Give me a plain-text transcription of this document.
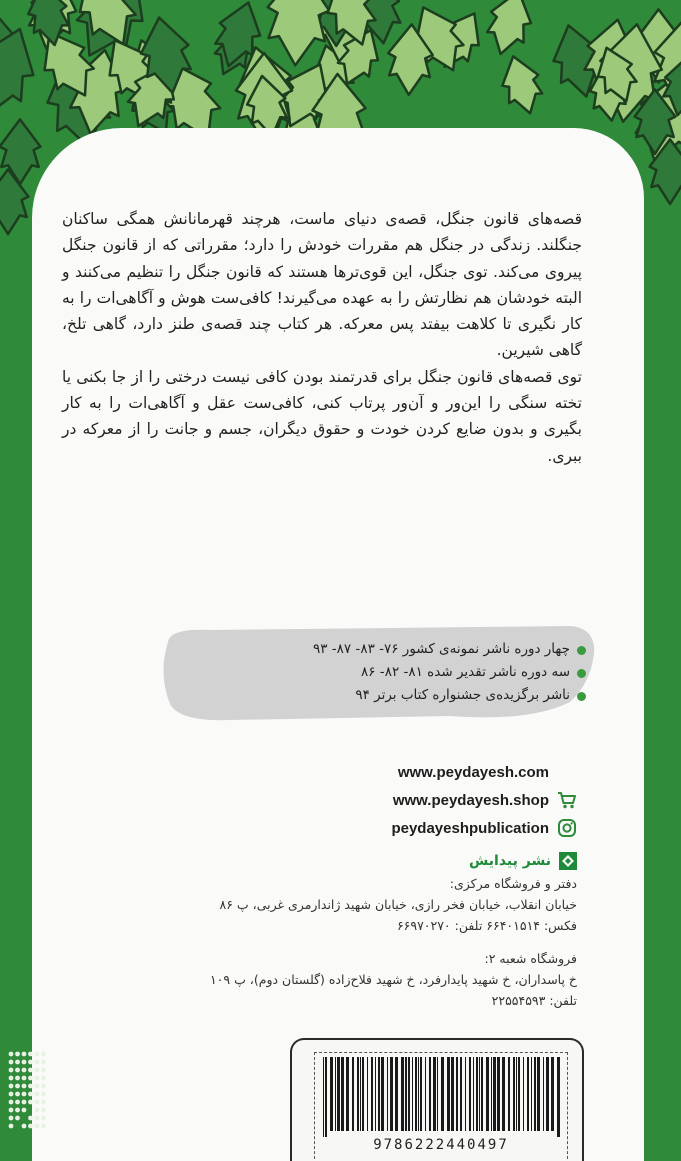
قصه‌های قانون جنگل، قصه‌ی دنیای ماست، هرچند قهرمانانش همگی ساکنان جنگلند. زندگی در جنگل هم مقررات خودش را دارد؛ مقرراتی که از قانون جنگل پیروی می‌کند. توی جنگل، این قوی‌ترها هستند که قانون جنگل را تنظیم می‌کنند و البته خودشان هم نظارتش را به عهده می‌گیرند! کافی‌ست هوش و آگاهی‌ات را به کار نگیری تا کلاهت بیفتد پس معرکه. هر کتاب چند قصه‌ی طنز دارد، گاهی تلخ، گاهی شیرین.

توی قصه‌های قانون جنگل برای قدرتمند بودن کافی نیست درختی را از جا بکنی یا تخته سنگی را این‌ور و آن‌ور پرتاب کنی، کافی‌ست عقل و آگاهی‌ات را به کار بگیری و بدون ضایع کردن خودت و حقوق دیگران، جسم و جانت را از معرکه در ببری.

چهار دوره ناشر نمونه‌ی کشور ۷۶- ۸۳- ۸۷- ۹۳
سه دوره ناشر تقدیر شده ۸۱- ۸۲- ۸۶
ناشر برگزیده‌ی جشنواره کتاب برتر ۹۴
www.peydayesh.com
www.peydayesh.shop
peydayeshpublication
نشر پیدایش
دفتر و فروشگاه مرکزی:
خیابان انقلاب، خیابان فخر رازی، خیابان شهید ژاندارمری غربی، پ ۸۶
فکس: ۶۶۴۰۱۵۱۴ تلفن: ۶۶۹۷۰۲۷۰
فروشگاه شعبه ۲:
خ پاسداران، خ شهید پایدارفرد، خ شهید فلاح‌زاده (گلستان دوم)، پ ۱۰۹
تلفن: ۲۲۵۵۴۵۹۳
9786222440497
